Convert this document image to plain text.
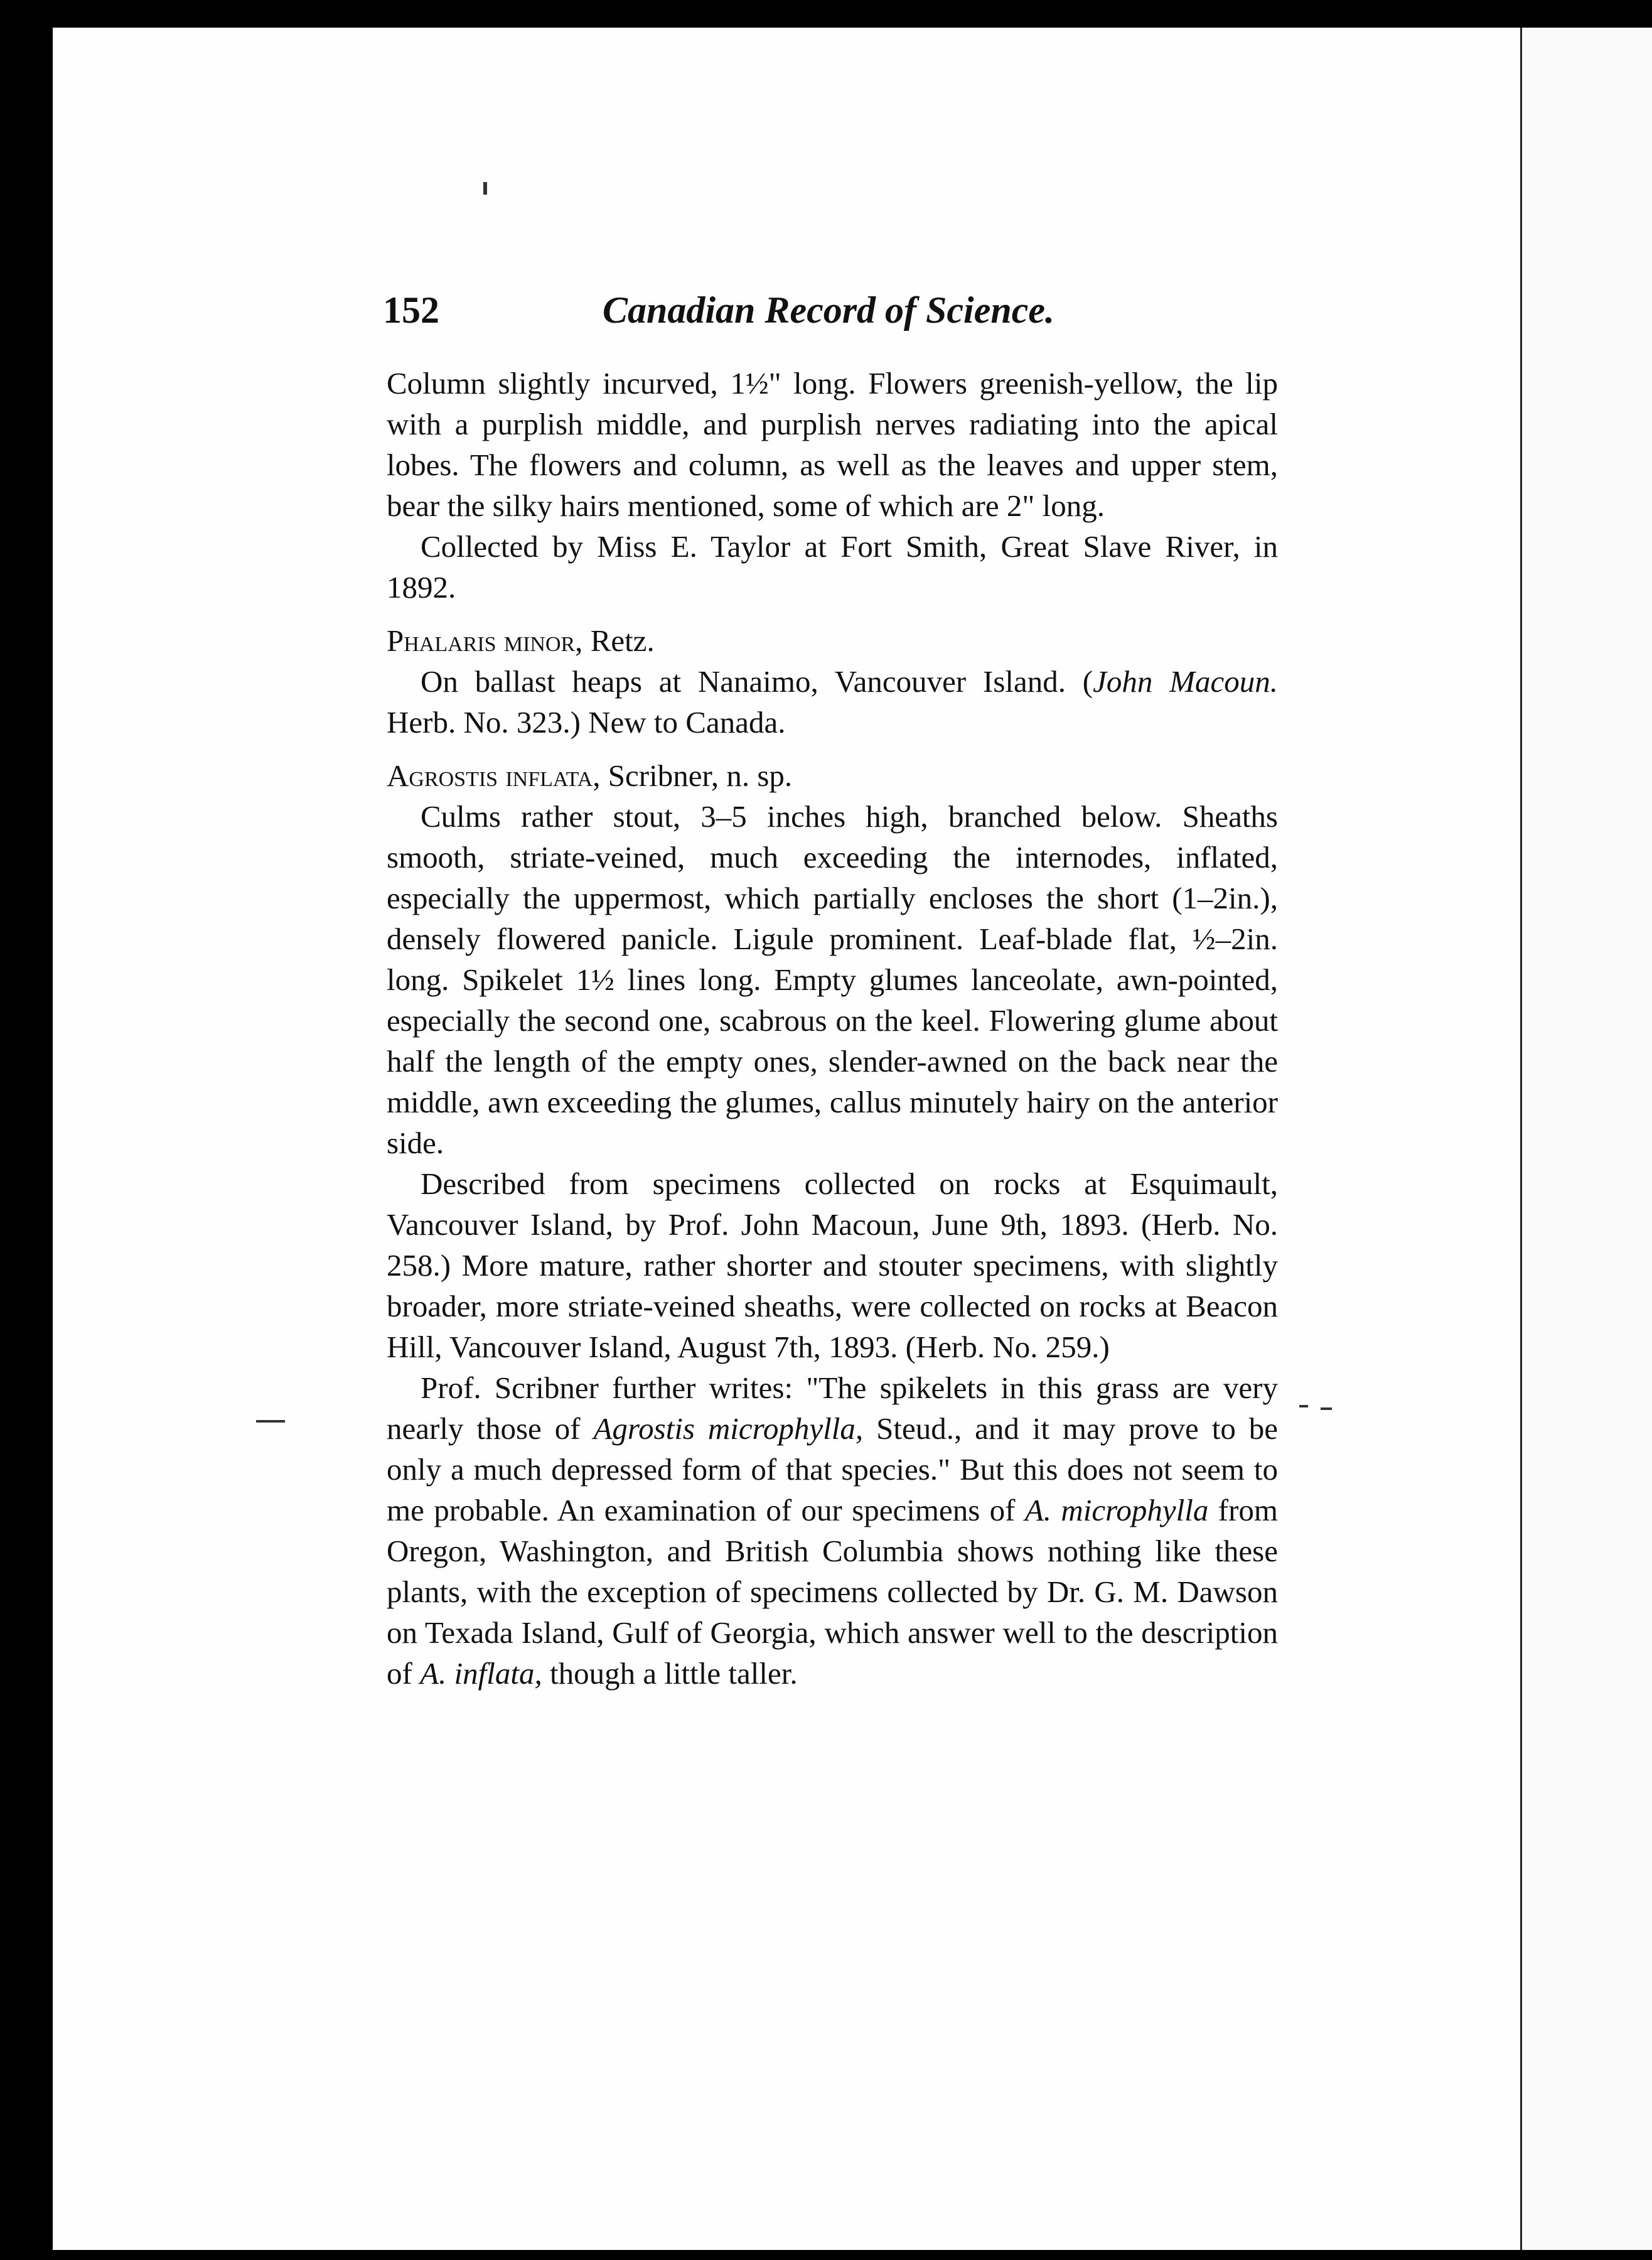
152	Canadian Record of Science.

Column slightly incurved, 1½" long. Flowers greenish-yellow, the lip with a purplish middle, and purplish nerves radiating into the apical lobes. The flowers and column, as well as the leaves and upper stem, bear the silky hairs mentioned, some of which are 2" long.

Collected by Miss E. Taylor at Fort Smith, Great Slave River, in 1892.

Phalaris minor, Retz.

On ballast heaps at Nanaimo, Vancouver Island. (John Macoun. Herb. No. 323.) New to Canada.

Agrostis inflata, Scribner, n. sp.

Culms rather stout, 3–5 inches high, branched below. Sheaths smooth, striate-veined, much exceeding the internodes, inflated, especially the uppermost, which partially encloses the short (1–2in.), densely flowered panicle. Ligule prominent. Leaf-blade flat, ½–2in. long. Spikelet 1½ lines long. Empty glumes lanceolate, awn-pointed, especially the second one, scabrous on the keel. Flowering glume about half the length of the empty ones, slender-awned on the back near the middle, awn exceeding the glumes, callus minutely hairy on the anterior side.

Described from specimens collected on rocks at Esquimault, Vancouver Island, by Prof. John Macoun, June 9th, 1893. (Herb. No. 258.) More mature, rather shorter and stouter specimens, with slightly broader, more striate-veined sheaths, were collected on rocks at Beacon Hill, Vancouver Island, August 7th, 1893. (Herb. No. 259.)

Prof. Scribner further writes: "The spikelets in this grass are very nearly those of Agrostis microphylla, Steud., and it may prove to be only a much depressed form of that species." But this does not seem to me probable. An examination of our specimens of A. microphylla from Oregon, Washington, and British Columbia shows nothing like these plants, with the exception of specimens collected by Dr. G. M. Dawson on Texada Island, Gulf of Georgia, which answer well to the description of A. inflata, though a little taller.
